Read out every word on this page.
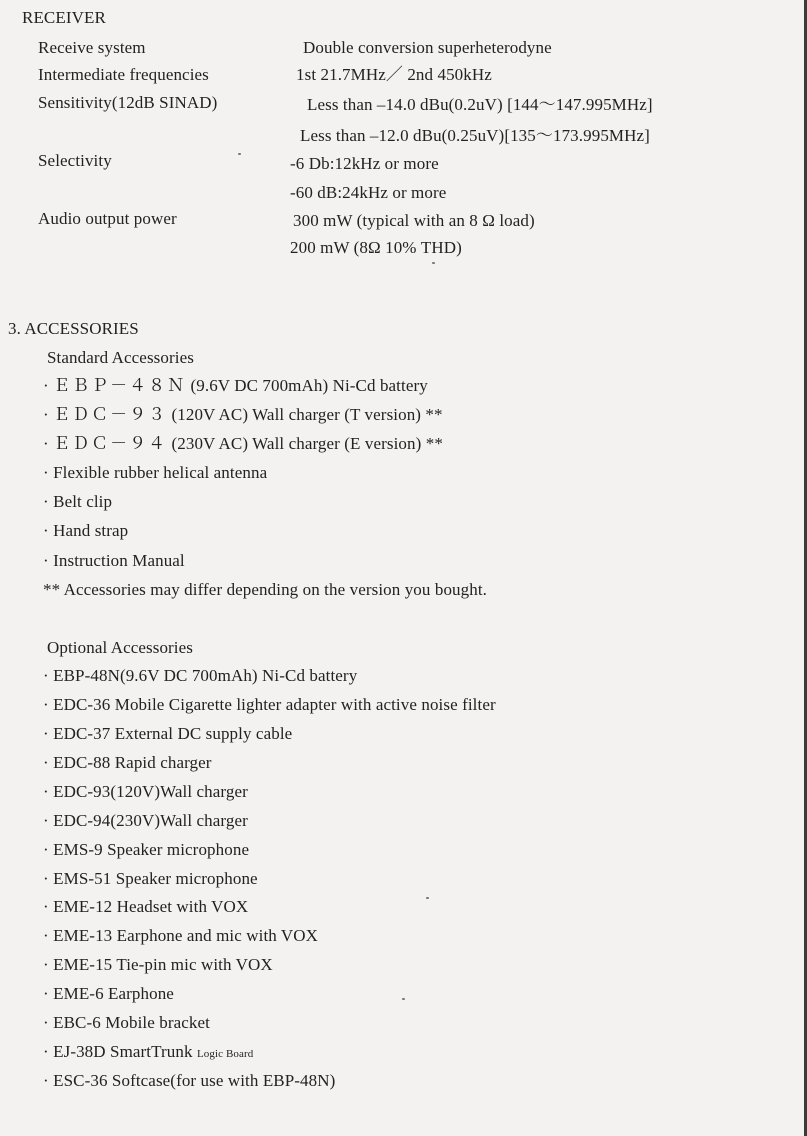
RECEIVER
Receive system	Double conversion superheterodyne
Intermediate frequencies	1st 21.7MHz／ 2nd 450kHz
Sensitivity(12dB SINAD)	Less than –14.0 dBu(0.2uV) [144～147.995MHz]
Less than –12.0 dBu(0.25uV)[135～173.995MHz]
Selectivity	-6 Db:12kHz or more
-60 dB:24kHz or more
Audio output power	300 mW (typical with an 8 Ω load)
200 mW (8Ω 10% THD)
3. ACCESSORIES
Standard Accessories
· ＥＢＰ－４８Ｎ (9.6V DC 700mAh) Ni-Cd battery
· ＥＤＣ－９３ (120V AC) Wall charger (T version) **
· ＥＤＣ－９４ (230V AC) Wall charger (E version) **
· Flexible rubber helical antenna
· Belt clip
· Hand strap
· Instruction Manual
** Accessories may differ depending on the version you bought.
Optional Accessories
· EBP-48N(9.6V DC 700mAh) Ni-Cd battery
· EDC-36 Mobile Cigarette lighter adapter with active noise filter
· EDC-37 External DC supply cable
· EDC-88 Rapid charger
· EDC-93(120V)Wall charger
· EDC-94(230V)Wall charger
· EMS-9 Speaker microphone
· EMS-51 Speaker microphone
· EME-12 Headset with VOX
· EME-13 Earphone and mic with VOX
· EME-15 Tie-pin mic with VOX
· EME-6 Earphone
· EBC-6 Mobile bracket
· EJ-38D SmartTrunk Logic Board
· ESC-36 Softcase(for use with EBP-48N)
